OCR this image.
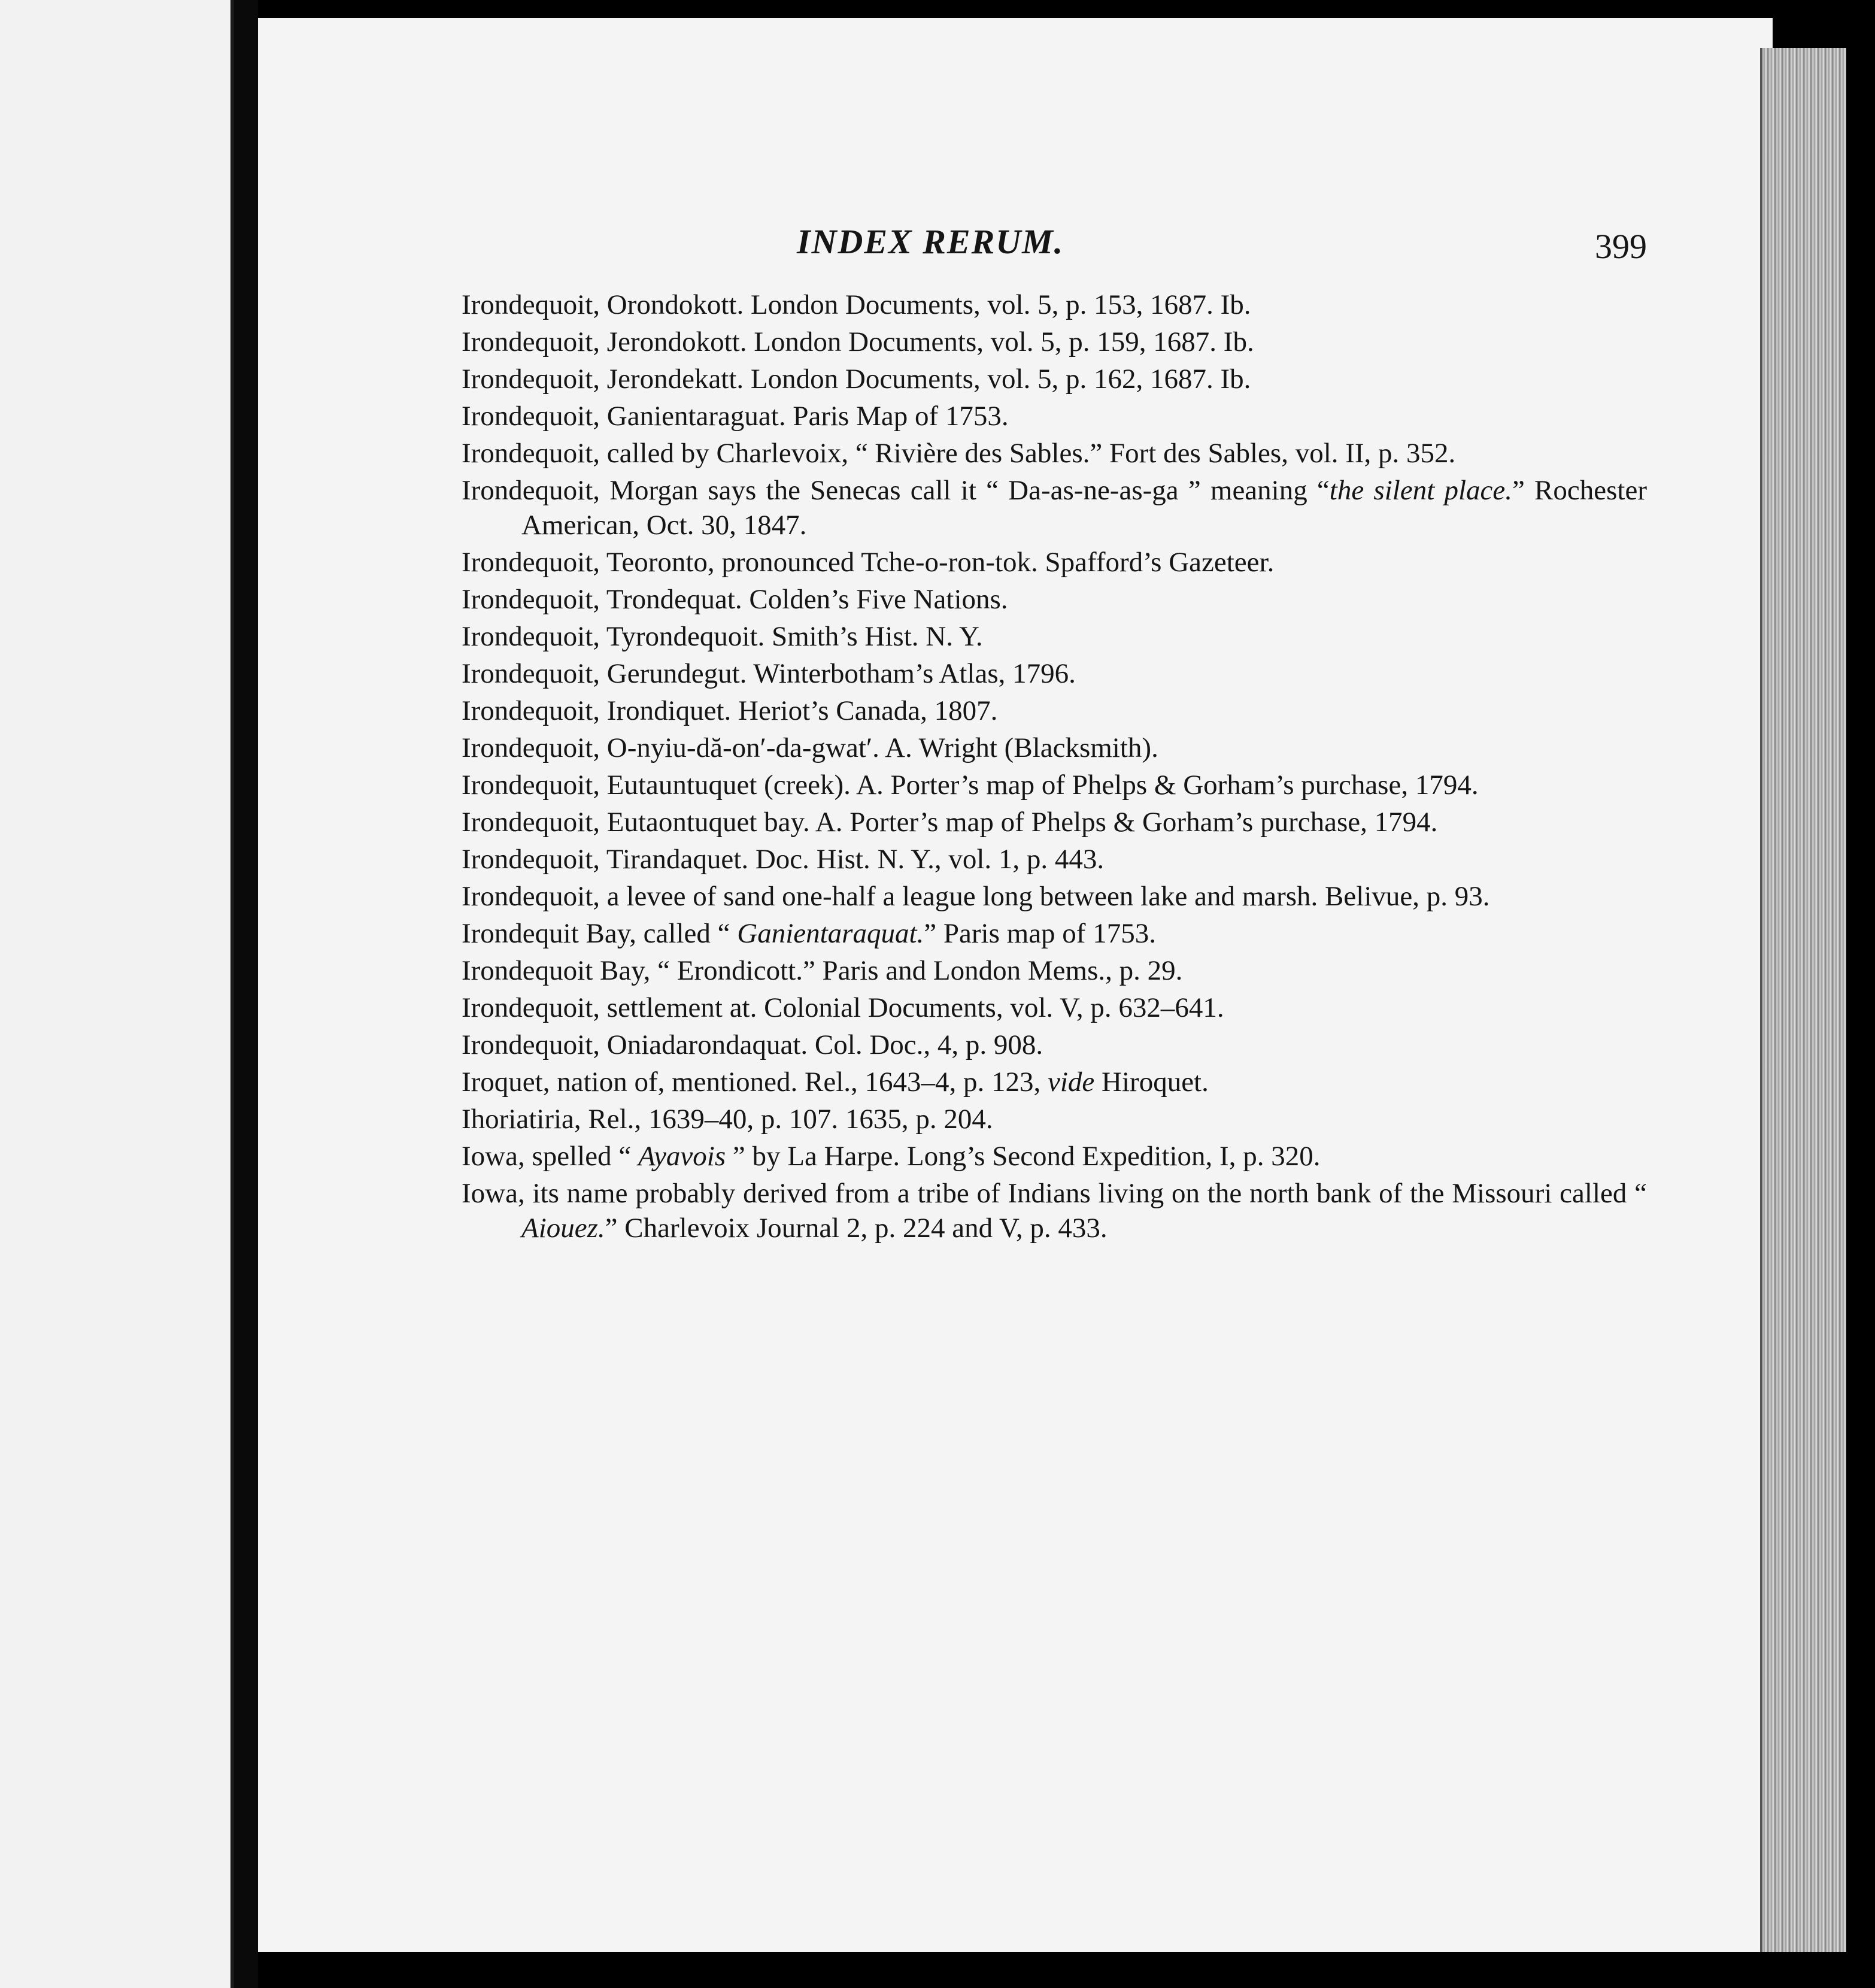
INDEX RERUM.	399

Irondequoit, Orondokott. London Documents, vol. 5, p. 153, 1687. Ib.

Irondequoit, Jerondokott. London Documents, vol. 5, p. 159, 1687. Ib.

Irondequoit, Jerondekatt. London Documents, vol. 5, p. 162, 1687. Ib.

Irondequoit, Ganientaraguat. Paris Map of 1753.

Irondequoit, called by Charlevoix, “ Rivière des Sables.” Fort des Sables, vol. II, p. 352.

Irondequoit, Morgan says the Senecas call it “ Da-as-ne-as-ga ” meaning “the silent place.” Rochester American, Oct. 30, 1847.

Irondequoit, Teoronto, pronounced Tche-o-ron-tok. Spafford’s Gazeteer.

Irondequoit, Trondequat. Colden’s Five Nations.

Irondequoit, Tyrondequoit. Smith’s Hist. N. Y.

Irondequoit, Gerundegut. Winterbotham’s Atlas, 1796.

Irondequoit, Irondiquet. Heriot’s Canada, 1807.

Irondequoit, O-nyiu-dă-on′-da-gwat′. A. Wright (Blacksmith).

Irondequoit, Eutauntuquet (creek). A. Porter’s map of Phelps & Gorham’s purchase, 1794.

Irondequoit, Eutaontuquet bay. A. Porter’s map of Phelps & Gorham’s purchase, 1794.

Irondequoit, Tirandaquet. Doc. Hist. N. Y., vol. 1, p. 443.

Irondequoit, a levee of sand one-half a league long between lake and marsh. Belivue, p. 93.

Irondequit Bay, called “ Ganientaraquat.” Paris map of 1753.

Irondequoit Bay, “ Erondicott.” Paris and London Mems., p. 29.

Irondequoit, settlement at. Colonial Documents, vol. V, p. 632–641.

Irondequoit, Oniadarondaquat. Col. Doc., 4, p. 908.

Iroquet, nation of, mentioned. Rel., 1643–4, p. 123, vide Hiroquet.

Ihoriatiria, Rel., 1639–40, p. 107. 1635, p. 204.

Iowa, spelled “ Ayavois ” by La Harpe. Long’s Second Expedition, I, p. 320.

Iowa, its name probably derived from a tribe of Indians living on the north bank of the Missouri called “ Aiouez.” Charlevoix Journal 2, p. 224 and V, p. 433.
